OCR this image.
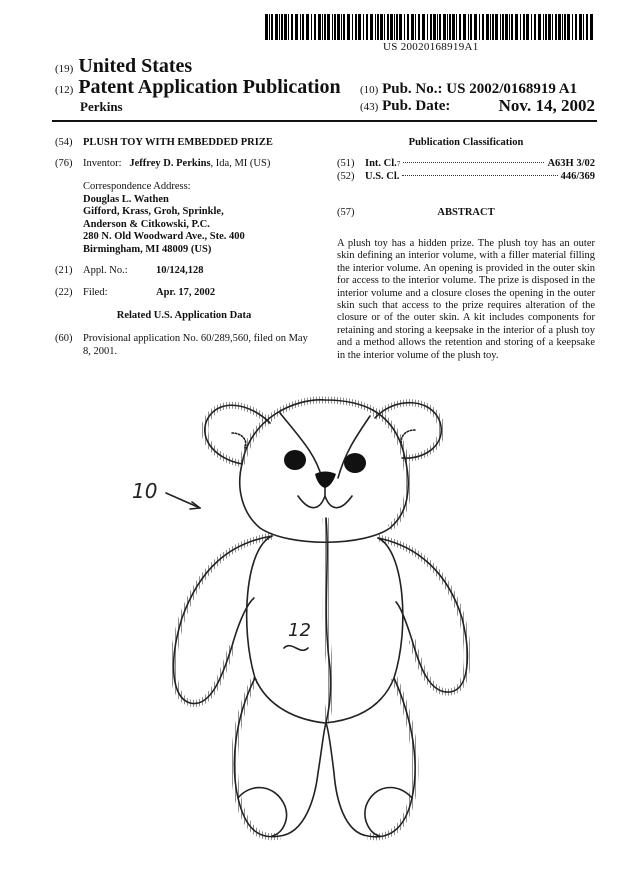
US 20020168919A1
(19) United States
(12) Patent Application Publication
Perkins
(10) Pub. No.: US 2002/0168919 A1
(43) Pub. Date:	Nov. 14, 2002
(54) PLUSH TOY WITH EMBEDDED PRIZE
(76) Inventor: Jeffrey D. Perkins, Ida, MI (US)
Correspondence Address:
Douglas L. Wathen
Gifford, Krass, Groh, Sprinkle,
Anderson & Citkowski, P.C.
280 N. Old Woodward Ave., Ste. 400
Birmingham, MI 48009 (US)
(21) Appl. No.:	10/124,128
(22) Filed:	Apr. 17, 2002
Related U.S. Application Data
(60) Provisional application No. 60/289,560, filed on May 8, 2001.
Publication Classification
(51)	Int. Cl. 7	A63H 3/02
(52)	U.S. Cl.	446/369
(57)	ABSTRACT
A plush toy has a hidden prize. The plush toy has an outer skin defining an interior volume, with a filler material filling the interior volume. An opening is provided in the outer skin for access to the interior volume. The prize is disposed in the interior volume and a closure closes the opening in the outer skin such that access to the prize requires alteration of the closure or of the outer skin. A kit includes components for retaining and storing a keepsake in the interior of a plush toy and a method allows the retention and storing of a keepsake in the interior volume of the plush toy.
10
12
